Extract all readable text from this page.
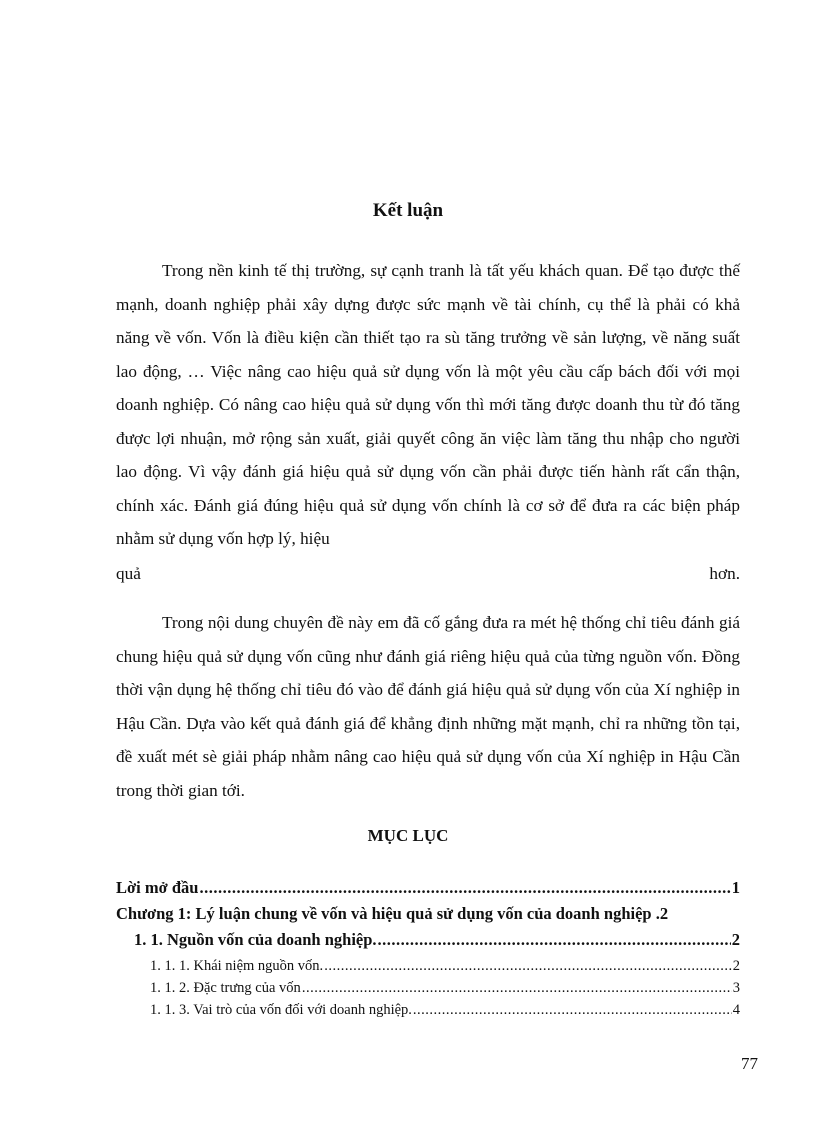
Kết luận

Trong nền kinh tế thị trường, sự cạnh tranh là tất yếu khách quan. Để tạo được thế mạnh, doanh nghiệp phải xây dựng được sức mạnh về tài chính, cụ thể là phải có khả năng về vốn. Vốn là điều kiện cần thiết tạo ra sù tăng trưởng về sản lượng, về năng suất lao động, … Việc nâng cao hiệu quả sử dụng vốn là một yêu cầu cấp bách đối với mọi doanh nghiệp. Có nâng cao hiệu quả sử dụng vốn thì mới tăng được doanh thu từ đó tăng được lợi nhuận, mở rộng sản xuất, giải quyết công ăn việc làm tăng thu nhập cho người lao động. Vì vậy đánh giá hiệu quả sử dụng vốn cần phải được tiến hành rất cẩn thận, chính xác. Đánh giá đúng hiệu quả sử dụng vốn chính là cơ sở để đưa ra các biện pháp nhằm sử dụng vốn hợp lý, hiệu

quả	hơn.

Trong nội dung chuyên đề này em đã cố gắng đưa ra mét hệ thống chỉ tiêu đánh giá chung hiệu quả sử dụng vốn cũng như đánh giá riêng hiệu quả của từng nguồn vốn. Đồng thời vận dụng hệ thống chỉ tiêu đó vào để đánh giá hiệu quả sử dụng vốn của Xí nghiệp in Hậu Cần. Dựa vào kết quả đánh giá để khẳng định những mặt mạnh, chỉ ra những tồn tại, đề xuất mét sè giải pháp nhằm nâng cao hiệu quả sử dụng vốn của Xí nghiệp in Hậu Cần trong thời gian tới.

MỤC LỤC
Lời mở đầu .....	1
Chương 1: Lý luận chung về vốn và hiệu quả sử dụng vốn của doanh nghiệp . 2
1. 1. Nguồn vốn của doanh nghiệp. .....	2
1. 1. 1. Khái niệm nguồn vốn. .....	2
1. 1. 2. Đặc trưng của vốn .....	3
1. 1. 3. Vai trò của vốn đối với doanh nghiệp. .....	4
77
